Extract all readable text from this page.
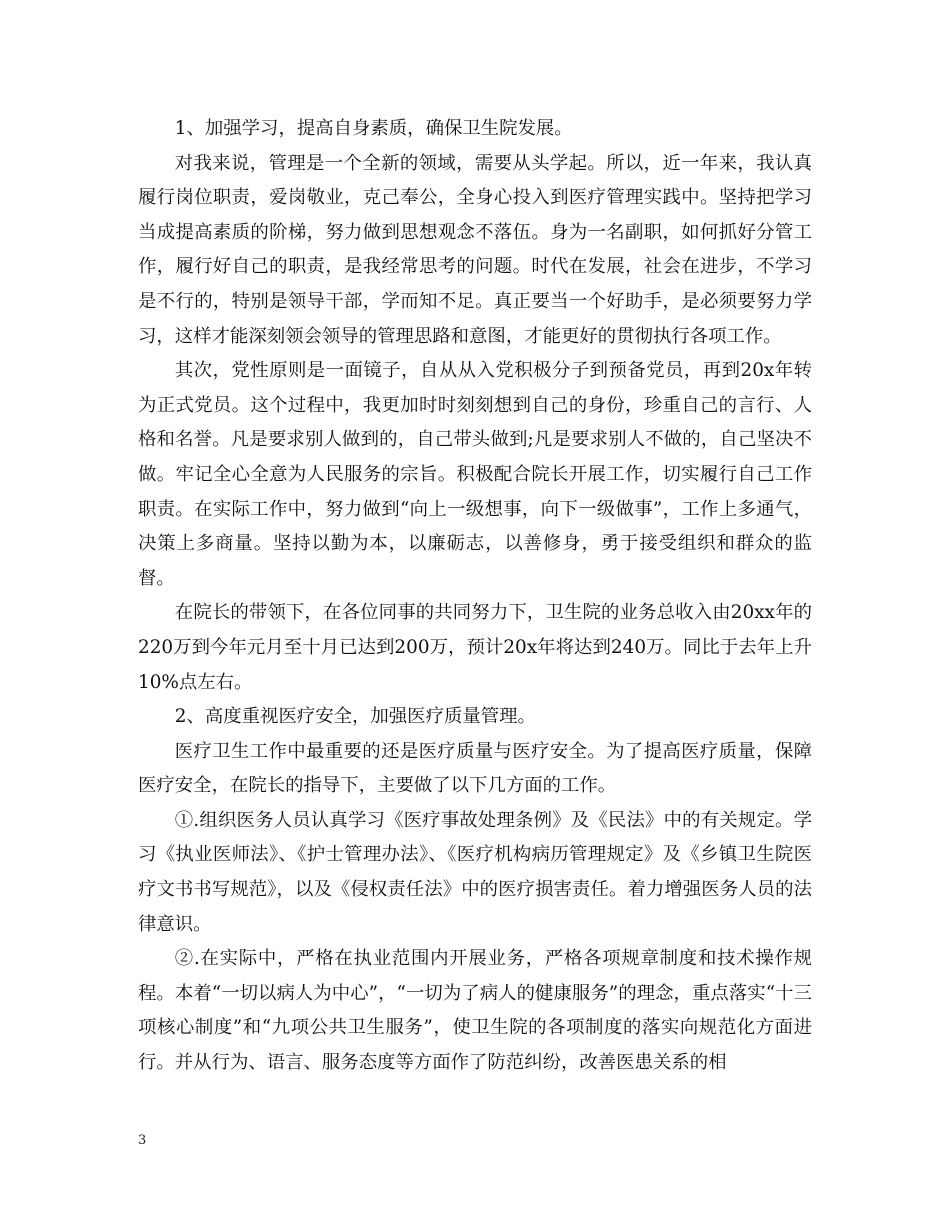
1、加强学习，提高自身素质，确保卫生院发展。

对我来说，管理是一个全新的领域，需要从头学起。所以，近一年来，我认真履行岗位职责，爱岗敬业，克己奉公，全身心投入到医疗管理实践中。坚持把学习当成提高素质的阶梯，努力做到思想观念不落伍。身为一名副职，如何抓好分管工作，履行好自己的职责，是我经常思考的问题。时代在发展，社会在进步，不学习是不行的，特别是领导干部，学而知不足。真正要当一个好助手，是必须要努力学习，这样才能深刻领会领导的管理思路和意图，才能更好的贯彻执行各项工作。

其次，党性原则是一面镜子，自从从入党积极分子到预备党员，再到20x年转为正式党员。这个过程中，我更加时时刻刻想到自己的身份，珍重自己的言行、人格和名誉。凡是要求别人做到的，自己带头做到;凡是要求别人不做的，自己坚决不做。牢记全心全意为人民服务的宗旨。积极配合院长开展工作，切实履行自己工作职责。在实际工作中，努力做到“向上一级想事，向下一级做事”，工作上多通气，决策上多商量。坚持以勤为本，以廉砺志，以善修身，勇于接受组织和群众的监督。

在院长的带领下，在各位同事的共同努力下，卫生院的业务总收入由20xx年的220万到今年元月至十月已达到200万，预计20x年将达到240万。同比于去年上升10%点左右。

2、高度重视医疗安全，加强医疗质量管理。

医疗卫生工作中最重要的还是医疗质量与医疗安全。为了提高医疗质量，保障医疗安全，在院长的指导下，主要做了以下几方面的工作。

①.组织医务人员认真学习《医疗事故处理条例》及《民法》中的有关规定。学习《执业医师法》、《护士管理办法》、《医疗机构病历管理规定》及《乡镇卫生院医疗文书书写规范》，以及《侵权责任法》中的医疗损害责任。着力增强医务人员的法律意识。

②.在实际中，严格在执业范围内开展业务，严格各项规章制度和技术操作规程。本着“一切以病人为中心”，“一切为了病人的健康服务”的理念，重点落实“十三项核心制度”和“九项公共卫生服务”，使卫生院的各项制度的落实向规范化方面进行。并从行为、语言、服务态度等方面作了防范纠纷，改善医患关系的相

3
